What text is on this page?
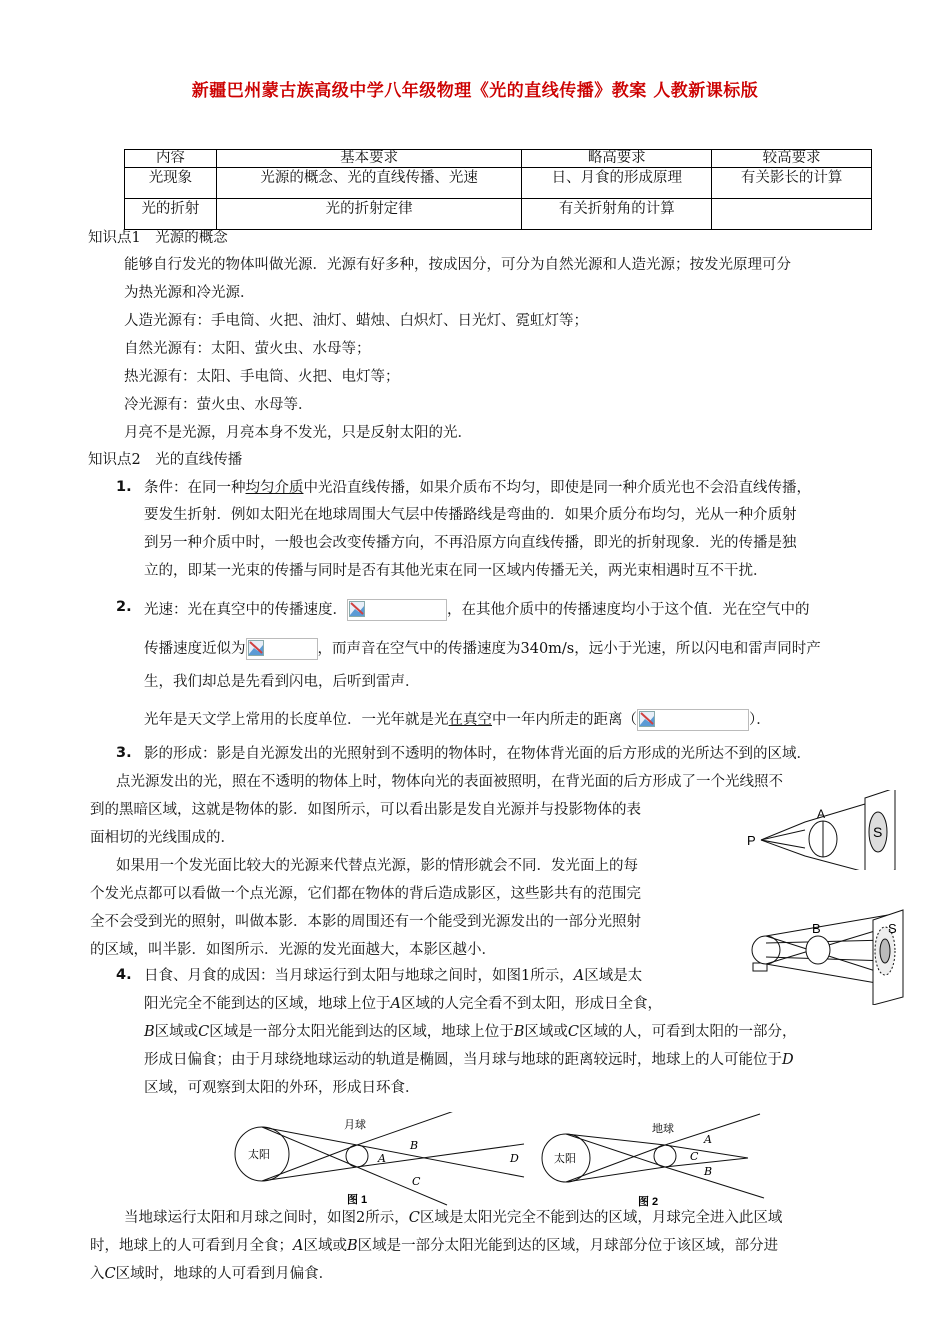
新疆巴州蒙古族高级中学八年级物理《光的直线传播》教案 人教新课标版
内容	基本要求	略高要求	较高要求
光现象	光源的概念、光的直线传播、光速	日、月食的形成原理	有关影长的计算
光的折射	光的折射定律	有关折射角的计算	
知识点1　光源的概念
能够自行发光的物体叫做光源．光源有好多种，按成因分，可分为自然光源和人造光源；按发光原理可分
为热光源和冷光源．
人造光源有：手电筒、火把、油灯、蜡烛、白炽灯、日光灯、霓虹灯等；
自然光源有：太阳、萤火虫、水母等；
热光源有：太阳、手电筒、火把、电灯等；
冷光源有：萤火虫、水母等．
月亮不是光源，月亮本身不发光，只是反射太阳的光．
知识点2　光的直线传播
1. 条件：在同一种均匀介质中光沿直线传播，如果介质布不均匀，即使是同一种介质光也不会沿直线传播，
要发生折射．例如太阳光在地球周围大气层中传播路线是弯曲的．如果介质分布均匀，光从一种介质射
到另一种介质中时，一般也会改变传播方向，不再沿原方向直线传播，即光的折射现象．光的传播是独
立的，即某一光束的传播与同时是否有其他光束在同一区域内传播无关，两光束相遇时互不干扰．
2. 光速：光在真空中的传播速度．	，在其他介质中的传播速度均小于这个值．光在空气中的
传播速度近似为	，而声音在空气中的传播速度为340m/s，远小于光速，所以闪电和雷声同时产
生，我们却总是先看到闪电，后听到雷声．
光年是天文学上常用的长度单位．一光年就是光在真空中一年内所走的距离（	）．
3. 影的形成：影是自光源发出的光照射到不透明的物体时，在物体背光面的后方形成的光所达不到的区域．
点光源发出的光，照在不透明的物体上时，物体向光的表面被照明，在背光面的后方形成了一个光线照不
到的黑暗区域，这就是物体的影．如图所示，可以看出影是发自光源并与投影物体的表
面相切的光线围成的．
如果用一个发光面比较大的光源来代替点光源，影的情形就会不同．发光面上的每
个发光点都可以看做一个点光源，它们都在物体的背后造成影区，这些影共有的范围完
全不会受到光的照射，叫做本影．本影的周围还有一个能受到光源发出的一部分光照射
的区域，叫半影．如图所示．光源的发光面越大，本影区越小．
P
A
S
B	S
4. 日食、月食的成因：当月球运行到太阳与地球之间时，如图1所示，A区域是太
阳光完全不能到达的区域，地球上位于A区域的人完全看不到太阳，形成日全食，
B区域或C区域是一部分太阳光能到达的区域，地球上位于B区域或C区域的人，可看到太阳的一部分，
形成日偏食；由于月球绕地球运动的轨道是椭圆，当月球与地球的距离较远时，地球上的人可能位于D
区域，可观察到太阳的外环，形成日环食．
太阳
月球
A
B
C
D
图 1
太阳
地球
A
C
B
图 2
当地球运行太阳和月球之间时，如图2所示，C区域是太阳光完全不能到达的区域，月球完全进入此区域
时，地球上的人可看到月全食；A区域或B区域是一部分太阳光能到达的区域，月球部分位于该区域，部分进
入C区域时，地球的人可看到月偏食．
